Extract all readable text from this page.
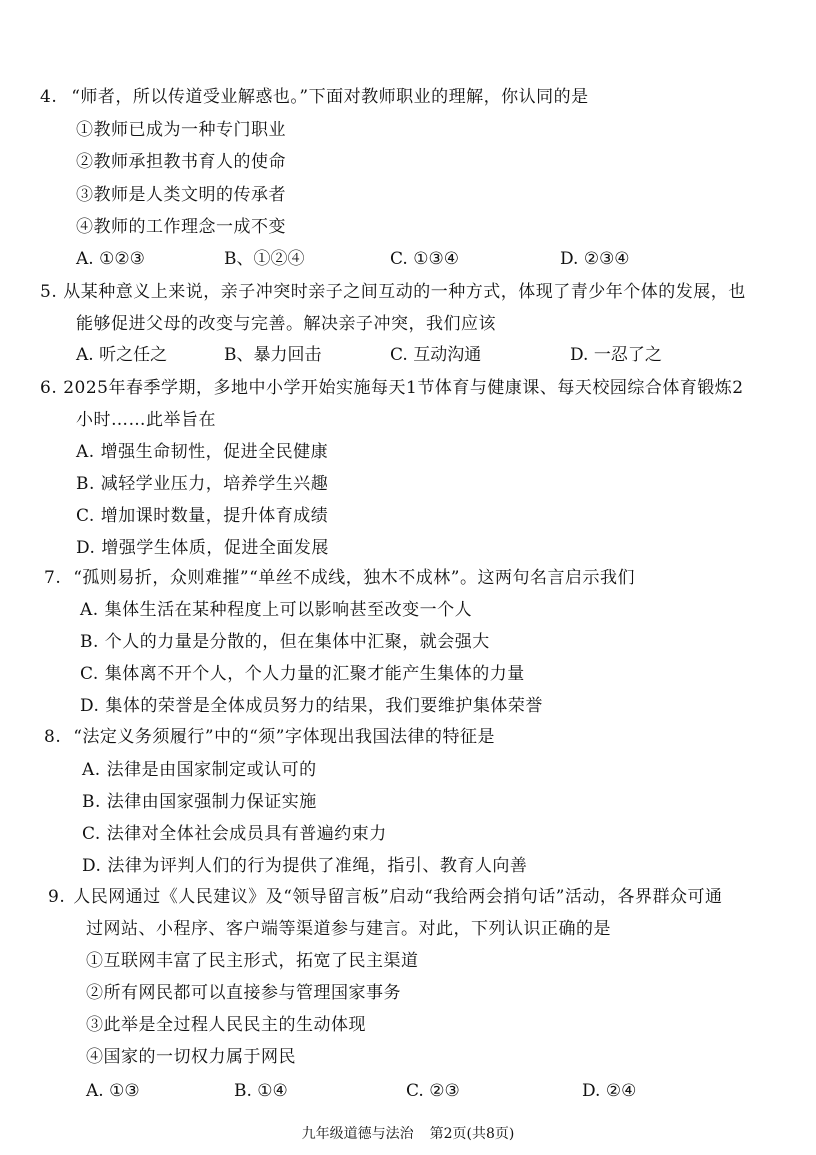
4. “师者，所以传道受业解惑也。”下面对教师职业的理解，你认同的是
①教师已成为一种专门职业
②教师承担教书育人的使命
③教师是人类文明的传承者
④教师的工作理念一成不变
A. ①②③	B、①②④	C. ①③④	D. ②③④
5. 从某种意义上来说，亲子冲突时亲子之间互动的一种方式，体现了青少年个体的发展，也
能够促进父母的改变与完善。解决亲子冲突，我们应该
A. 听之任之	B、暴力回击	C. 互动沟通	D. 一忍了之
6. 2025年春季学期，多地中小学开始实施每天1节体育与健康课、每天校园综合体育锻炼2
小时……此举旨在
A. 增强生命韧性，促进全民健康
B. 减轻学业压力，培养学生兴趣
C. 增加课时数量，提升体育成绩
D. 增强学生体质，促进全面发展
7. “孤则易折，众则难摧”“单丝不成线，独木不成林”。这两句名言启示我们
A. 集体生活在某种程度上可以影响甚至改变一个人
B. 个人的力量是分散的，但在集体中汇聚，就会强大
C. 集体离不开个人，个人力量的汇聚才能产生集体的力量
D. 集体的荣誉是全体成员努力的结果，我们要维护集体荣誉
8. “法定义务须履行”中的“须”字体现出我国法律的特征是
A. 法律是由国家制定或认可的
B. 法律由国家强制力保证实施
C. 法律对全体社会成员具有普遍约束力
D. 法律为评判人们的行为提供了准绳，指引、教育人向善
9. 人民网通过《人民建议》及“领导留言板”启动“我给两会捎句话”活动，各界群众可通
过网站、小程序、客户端等渠道参与建言。对此，下列认识正确的是
①互联网丰富了民主形式，拓宽了民主渠道
②所有网民都可以直接参与管理国家事务
③此举是全过程人民民主的生动体现
④国家的一切权力属于网民
A. ①③	B. ①④	C. ②③	D. ②④
九年级道德与法治 第2页(共8页)
